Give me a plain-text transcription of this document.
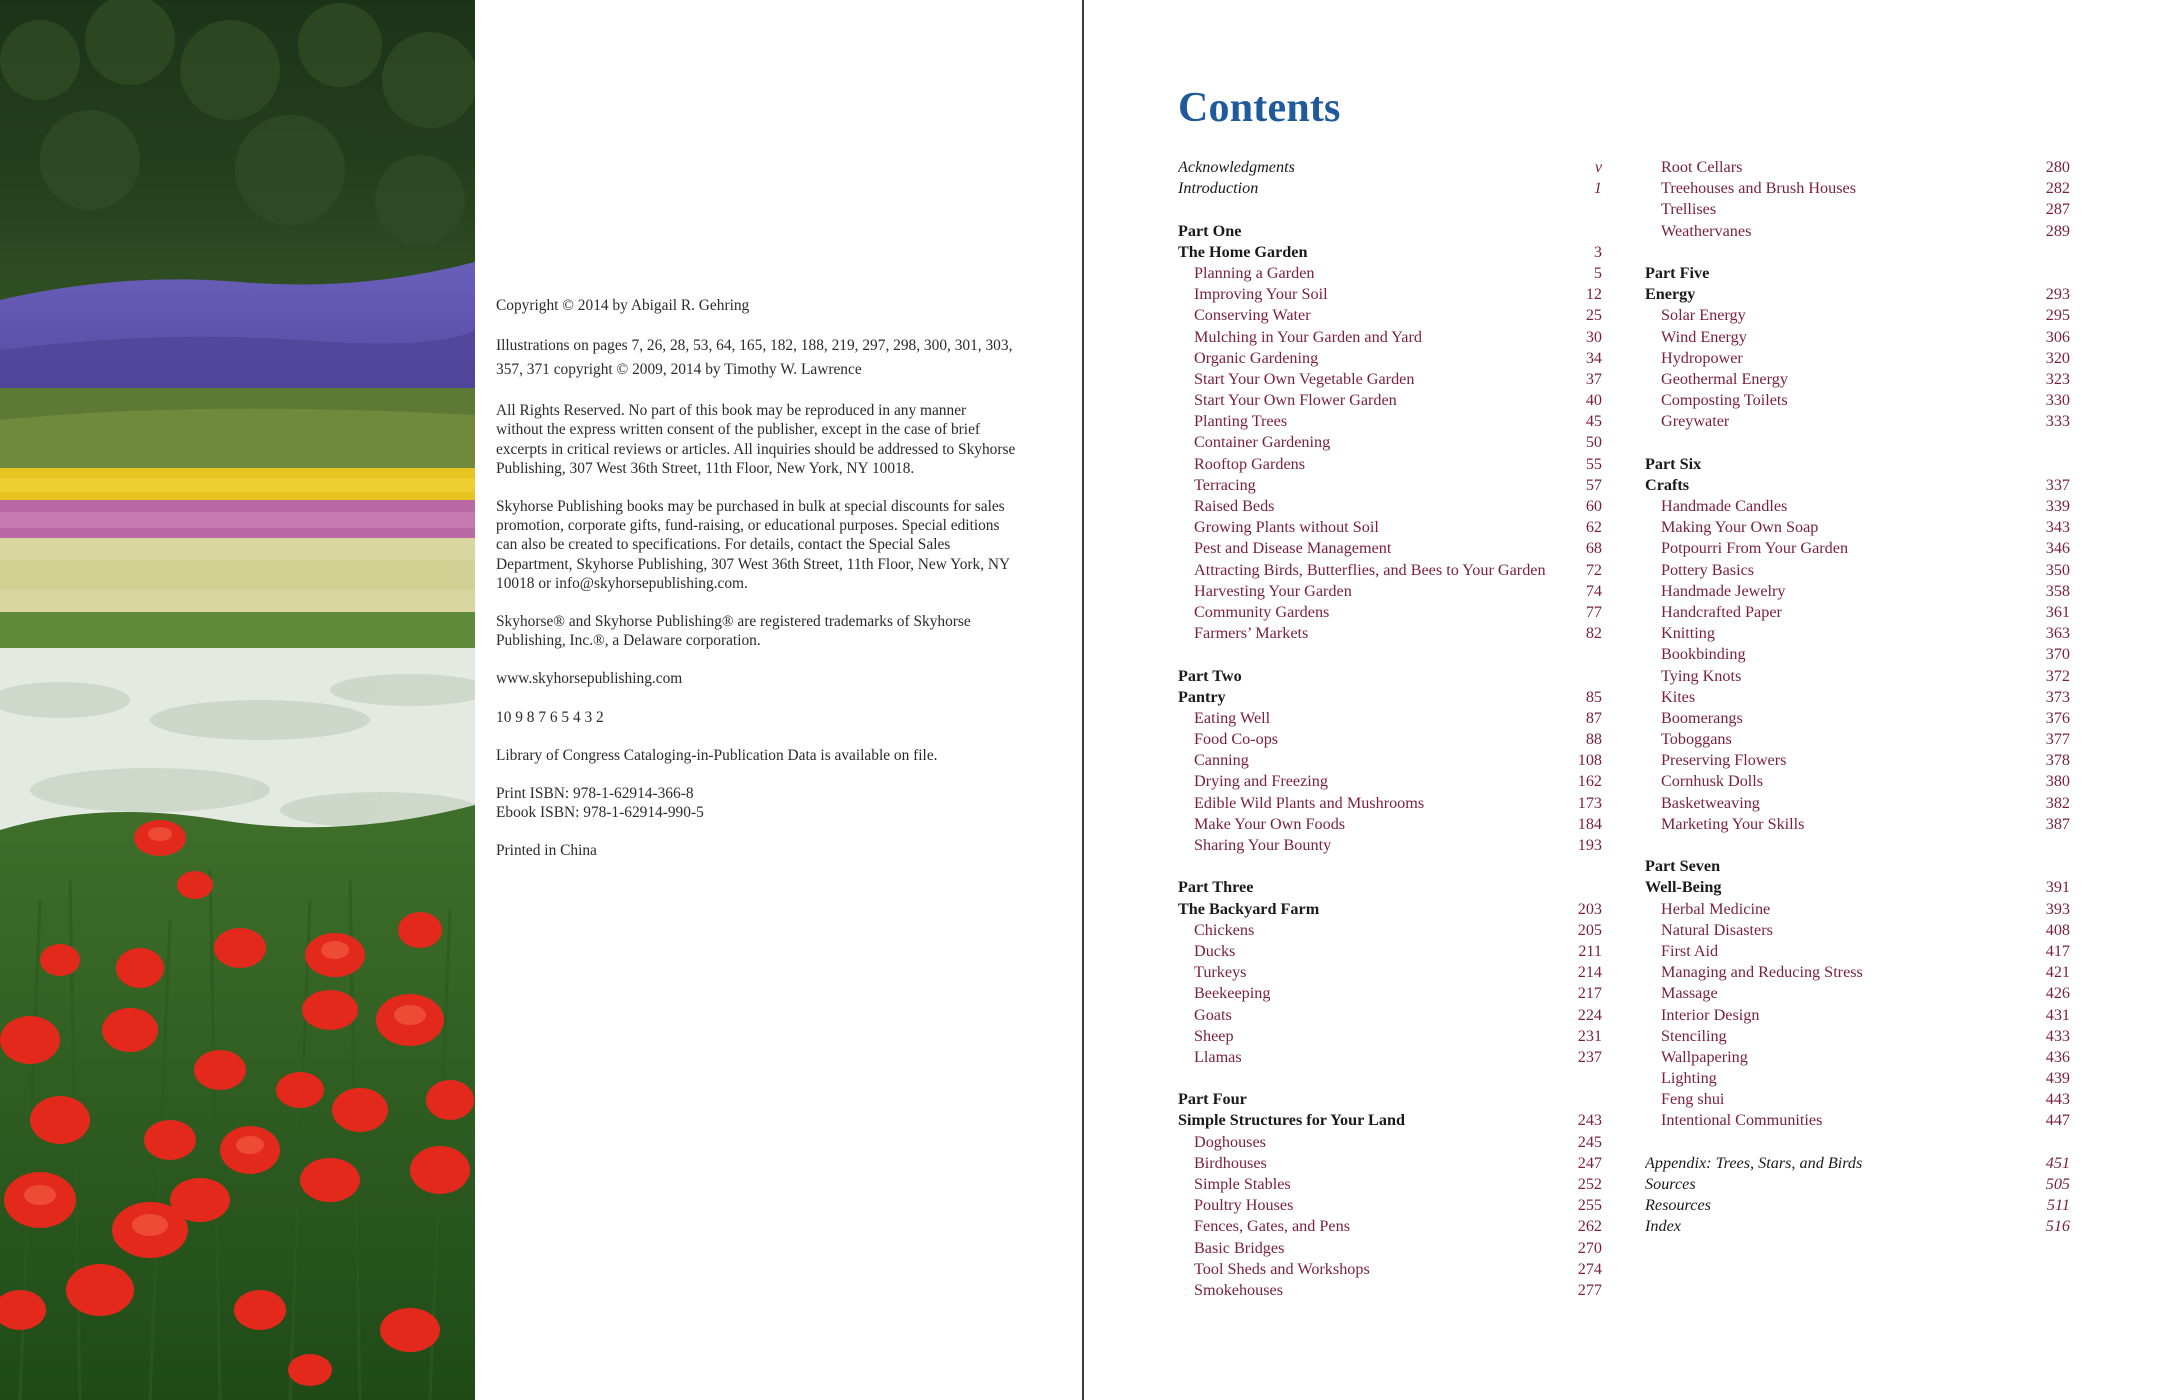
Copyright © 2014 by Abigail R. Gehring

Illustrations on pages 7, 26, 28, 53, 64, 165, 182, 188, 219, 297, 298, 300, 301, 303, 357, 371 copyright © 2009, 2014 by Timothy W. Lawrence

All Rights Reserved. No part of this book may be reproduced in any manner without the express written consent of the publisher, except in the case of brief excerpts in critical reviews or articles. All inquiries should be addressed to Skyhorse Publishing, 307 West 36th Street, 11th Floor, New York, NY 10018.

Skyhorse Publishing books may be purchased in bulk at special discounts for sales promotion, corporate gifts, fund-raising, or educational purposes. Special editions can also be created to specifications. For details, contact the Special Sales Department, Skyhorse Publishing, 307 West 36th Street, 11th Floor, New York, NY 10018 or info@skyhorsepublishing.com.

Skyhorse® and Skyhorse Publishing® are registered trademarks of Skyhorse Publishing, Inc.®, a Delaware corporation.

www.skyhorsepublishing.com

10 9 8 7 6 5 4 3 2

Library of Congress Cataloging-in-Publication Data is available on file.

Print ISBN: 978-1-62914-366-8
Ebook ISBN: 978-1-62914-990-5

Printed in China

Contents
Acknowledgments	v
Introduction	1
Part One
The Home Garden	3
Planning a Garden	5
Improving Your Soil	12
Conserving Water	25
Mulching in Your Garden and Yard	30
Organic Gardening	34
Start Your Own Vegetable Garden	37
Start Your Own Flower Garden	40
Planting Trees	45
Container Gardening	50
Rooftop Gardens	55
Terracing	57
Raised Beds	60
Growing Plants without Soil	62
Pest and Disease Management	68
Attracting Birds, Butterflies, and Bees to Your Garden 72
Harvesting Your Garden	74
Community Gardens	77
Farmers’ Markets	82
Part Two
Pantry	85
Eating Well	87
Food Co-ops	88
Canning	108
Drying and Freezing	162
Edible Wild Plants and Mushrooms	173
Make Your Own Foods	184
Sharing Your Bounty	193
Part Three
The Backyard Farm	203
Chickens	205
Ducks	211
Turkeys	214
Beekeeping	217
Goats	224
Sheep	231
Llamas	237
Part Four
Simple Structures for Your Land	243
Doghouses	245
Birdhouses	247
Simple Stables	252
Poultry Houses	255
Fences, Gates, and Pens	262
Basic Bridges	270
Tool Sheds and Workshops	274
Smokehouses	277
Root Cellars	280
Treehouses and Brush Houses	282
Trellises	287
Weathervanes	289
Part Five
Energy	293
Solar Energy	295
Wind Energy	306
Hydropower	320
Geothermal Energy	323
Composting Toilets	330
Greywater	333
Part Six
Crafts	337
Handmade Candles	339
Making Your Own Soap	343
Potpourri From Your Garden	346
Pottery Basics	350
Handmade Jewelry	358
Handcrafted Paper	361
Knitting	363
Bookbinding	370
Tying Knots	372
Kites	373
Boomerangs	376
Toboggans	377
Preserving Flowers	378
Cornhusk Dolls	380
Basketweaving	382
Marketing Your Skills	387
Part Seven
Well-Being	391
Herbal Medicine	393
Natural Disasters	408
First Aid	417
Managing and Reducing Stress	421
Massage	426
Interior Design	431
Stenciling	433
Wallpapering	436
Lighting	439
Feng shui	443
Intentional Communities	447
Appendix: Trees, Stars, and Birds	451
Sources	505
Resources	511
Index	516
